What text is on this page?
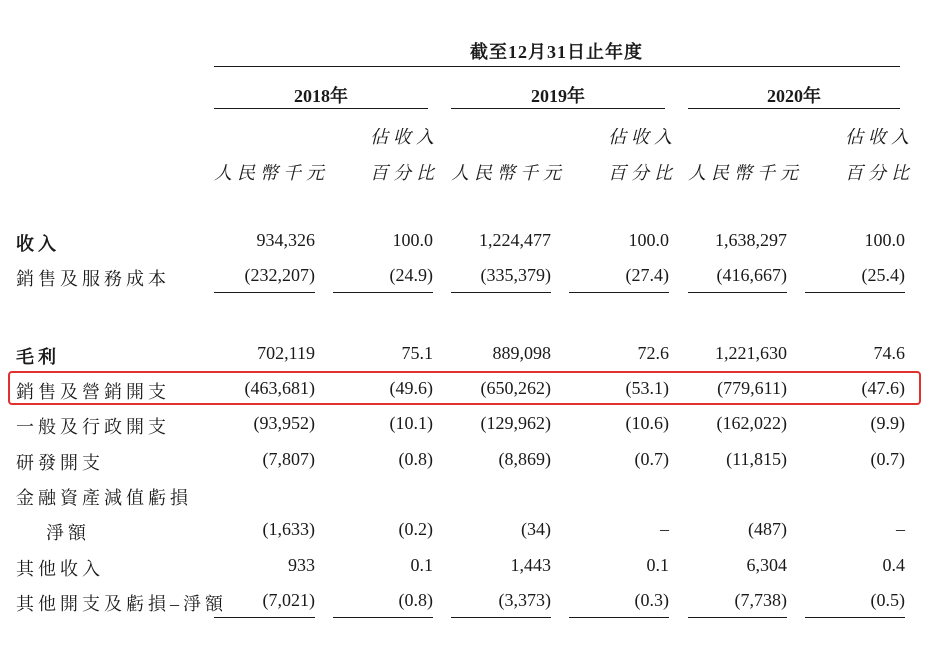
截至12月31日止年度
2018年	2019年	2020年
佔收入	佔收入	佔收入
人民幣千元 百分比 人民幣千元 百分比 人民幣千元 百分比
收入	934,326	100.0	1,224,477	100.0	1,638,297	100.0
銷售及服務成本	(232,207)	(24.9)	(335,379)	(27.4)	(416,667)	(25.4)
毛利	702,119	75.1	889,098	72.6	1,221,630	74.6
銷售及營銷開支	(463,681)	(49.6)	(650,262)	(53.1)	(779,611)	(47.6)
一般及行政開支	(93,952)	(10.1)	(129,962)	(10.6)	(162,022)	(9.9)
研發開支	(7,807)	(0.8)	(8,869)	(0.7)	(11,815)	(0.7)
金融資產減值虧損
淨額	(1,633)	(0.2)	(34)	–	(487)	–
其他收入	933	0.1	1,443	0.1	6,304	0.4
其他開支及虧損–淨額 (7,021)	(0.8)	(3,373)	(0.3)	(7,738)	(0.5)
